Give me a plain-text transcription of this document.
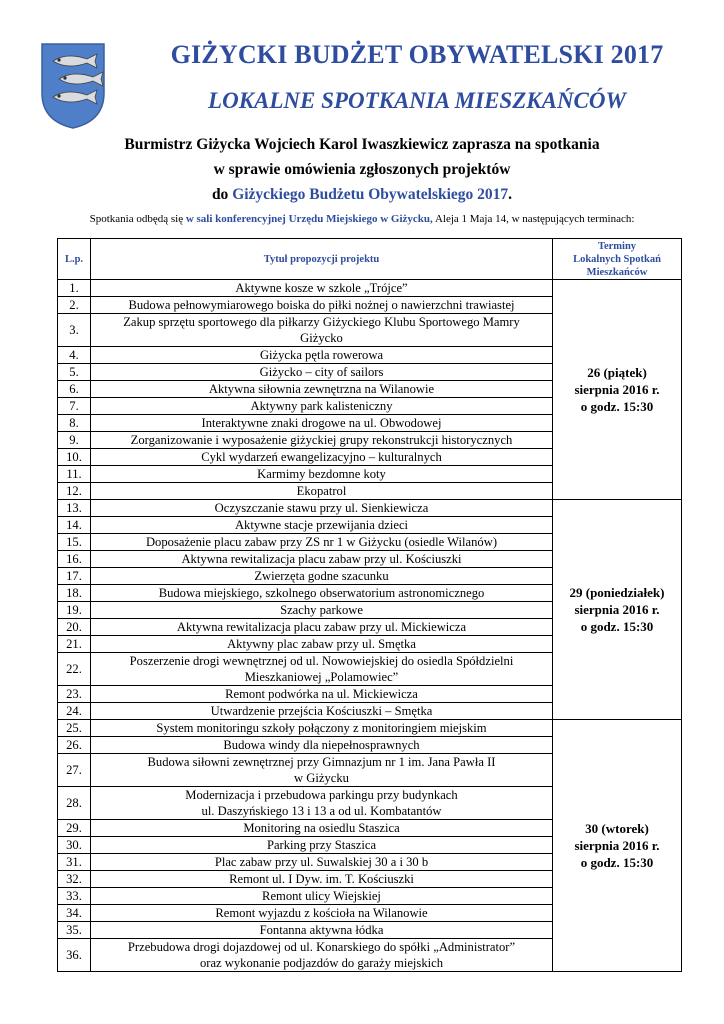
GIŻYCKI BUDŻET OBYWATELSKI 2017
LOKALNE SPOTKANIA MIESZKAŃCÓW
Burmistrz Giżycka Wojciech Karol Iwaszkiewicz zaprasza na spotkania
w sprawie omówienia zgłoszonych projektów
do Giżyckiego Budżetu Obywatelskiego 2017.
Spotkania odbędą się w sali konferencyjnej Urzędu Miejskiego w Giżycku, Aleja 1 Maja 14, w następujących terminach:
L.p.	Tytuł propozycji projektu	Terminy
Lokalnych Spotkań
Mieszkańców
1.	Aktywne kosze w szkole „Trójce”	26 (piątek)
sierpnia 2016 r.
o godz. 15:30
2.	Budowa pełnowymiarowego boiska do piłki nożnej o nawierzchni trawiastej	
3.	Zakup sprzętu sportowego dla piłkarzy Giżyckiego Klubu Sportowego Mamry
Giżycko	
4.	Giżycka pętla rowerowa	
5.	Giżycko – city of sailors	
6.	Aktywna siłownia zewnętrzna na Wilanowie	
7.	Aktywny park kalisteniczny	
8.	Interaktywne znaki drogowe na ul. Obwodowej	
9.	Zorganizowanie i wyposażenie giżyckiej grupy rekonstrukcji historycznych	
10.	Cykl wydarzeń ewangelizacyjno – kulturalnych	
11.	Karmimy bezdomne koty	
12.	Ekopatrol	
13.	Oczyszczanie stawu przy ul. Sienkiewicza	29 (poniedziałek)
sierpnia 2016 r.
o godz. 15:30
14.	Aktywne stacje przewijania dzieci	
15.	Doposażenie placu zabaw przy ZS nr 1 w Giżycku (osiedle Wilanów)	
16.	Aktywna rewitalizacja placu zabaw przy ul. Kościuszki	
17.	Zwierzęta godne szacunku	
18.	Budowa miejskiego, szkolnego obserwatorium astronomicznego	
19.	Szachy parkowe	
20.	Aktywna rewitalizacja placu zabaw przy ul. Mickiewicza	
21.	Aktywny plac zabaw przy ul. Smętka	
22.	Poszerzenie drogi wewnętrznej od ul. Nowowiejskiej do osiedla Spółdzielni
Mieszkaniowej „Polamowiec”	
23.	Remont podwórka na ul. Mickiewicza	
24.	Utwardzenie przejścia Kościuszki – Smętka	
25.	System monitoringu szkoły połączony z monitoringiem miejskim	30 (wtorek)
sierpnia 2016 r.
o godz. 15:30
26.	Budowa windy dla niepełnosprawnych	
27.	Budowa siłowni zewnętrznej przy Gimnazjum nr 1 im. Jana Pawła II
w Giżycku	
28.	Modernizacja i przebudowa parkingu przy budynkach
ul. Daszyńskiego 13 i 13 a od ul. Kombatantów	
29.	Monitoring na osiedlu Staszica	
30.	Parking przy Staszica	
31.	Plac zabaw przy ul. Suwalskiej 30 a i 30 b	
32.	Remont ul. I Dyw. im. T. Kościuszki	
33.	Remont ulicy Wiejskiej	
34.	Remont wyjazdu z kościoła na Wilanowie	
35.	Fontanna aktywna łódka	
36.	Przebudowa drogi dojazdowej od ul. Konarskiego do spółki „Administrator”
oraz wykonanie podjazdów do garaży miejskich	
